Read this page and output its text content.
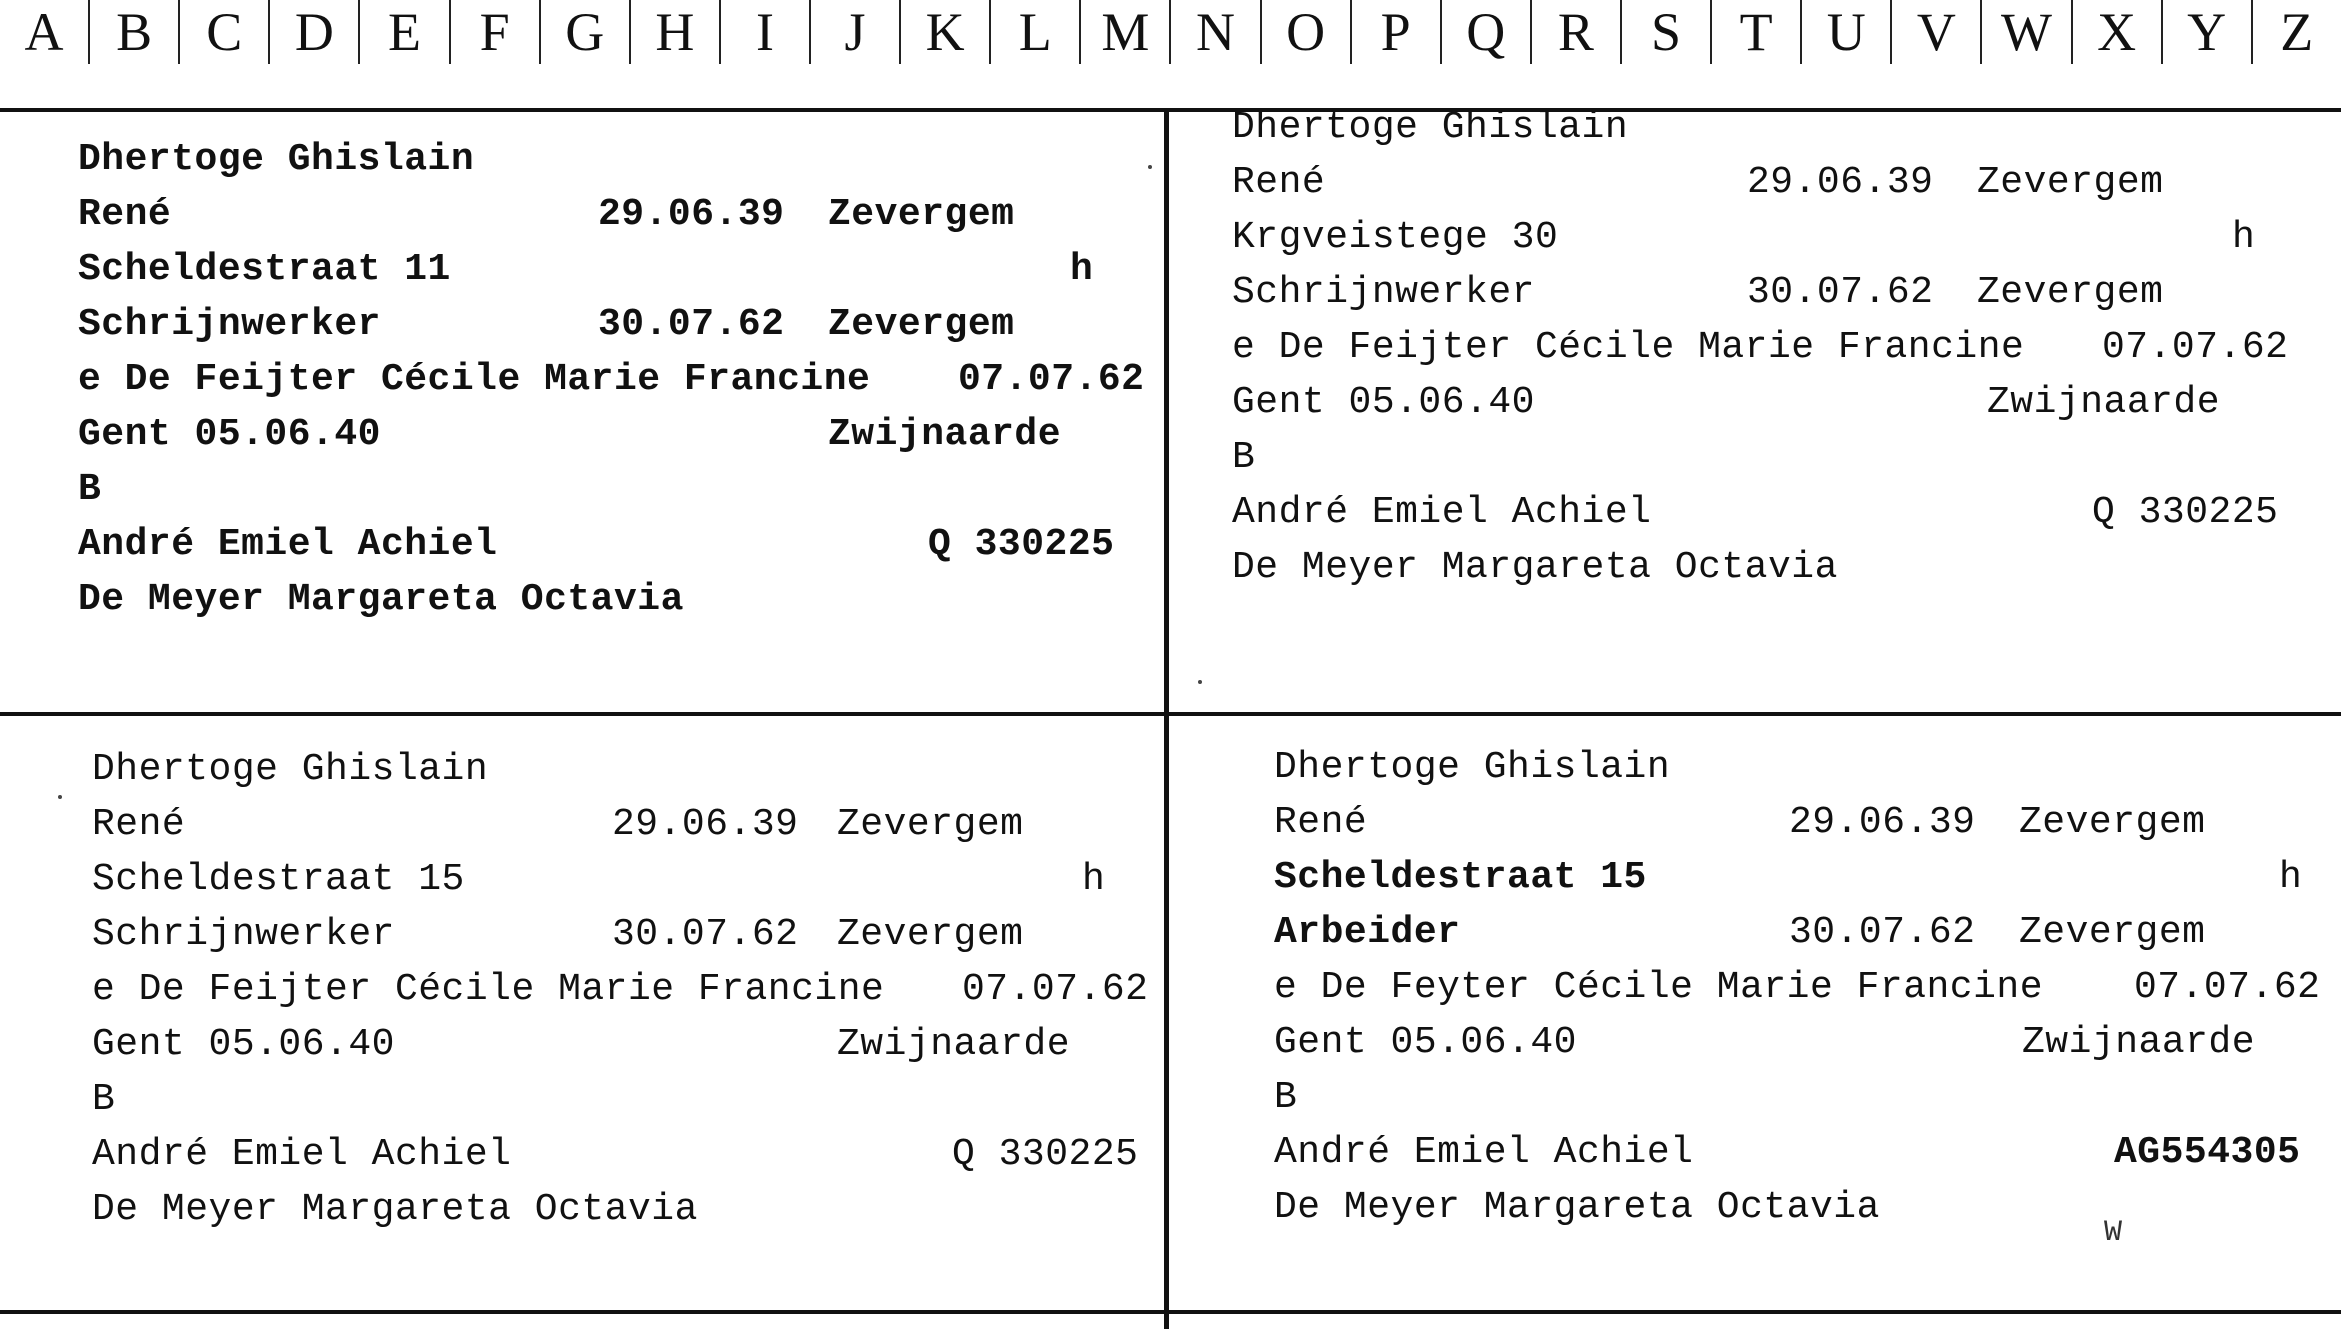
A B	C D	E	F	G H	I	J	K	L M N O	P	Q R	S	T	U V W X Y	Z
Dhertoge Ghislain
René	29.06.39 Zevergem
Scheldestraat 11	h
Schrijnwerker	30.07.62 Zevergem
e De Feijter Cécile Marie Francine 07.07.62
Gent 05.06.40	Zwijnaarde
B
André Emiel Achiel	Q 330225
De Meyer Margareta Octavia
Dhertoge Ghislain
René	29.06.39 Zevergem
Krgveistege 30	h
Schrijnwerker	30.07.62 Zevergem
e De Feijter Cécile Marie Francine 07.07.62
Gent 05.06.40	Zwijnaarde
B
André Emiel Achiel	Q 330225
De Meyer Margareta Octavia
Dhertoge Ghislain
René	29.06.39 Zevergem
Scheldestraat 15	h
Schrijnwerker	30.07.62 Zevergem
e De Feijter Cécile Marie Francine 07.07.62
Gent 05.06.40	Zwijnaarde
B
André Emiel Achiel	Q 330225
De Meyer Margareta Octavia
Dhertoge Ghislain
René	29.06.39 Zevergem
Scheldestraat 15	h
Arbeider	30.07.62 Zevergem
e De Feyter Cécile Marie Francine 07.07.62
Gent 05.06.40	Zwijnaarde
B
André Emiel Achiel	AG554305
De Meyer Margareta Octavia
W
